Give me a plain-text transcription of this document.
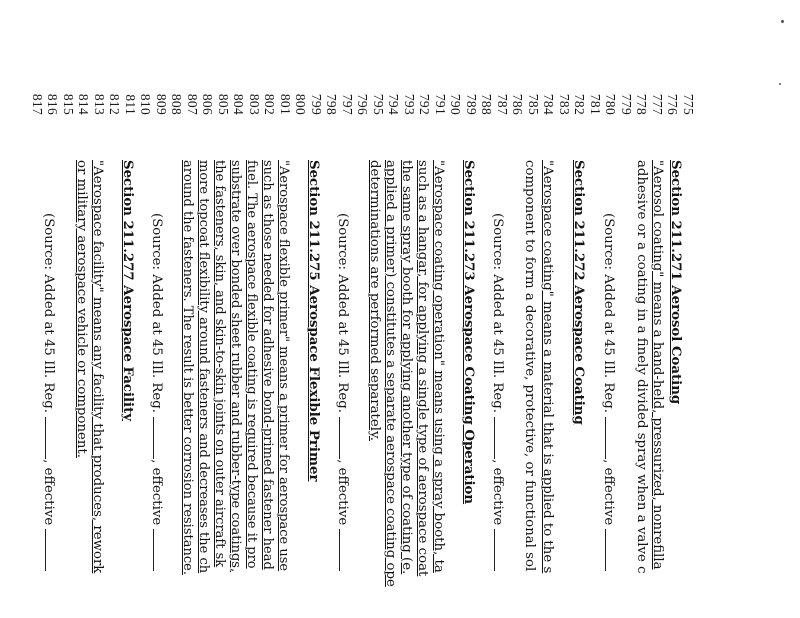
775
776
777
778
779
780
781
782
783
784
785
786
787
788
789
790
791
792
793
794
795
796
797
798
799
800
801
802
803
804
805
806
807
808
809
810
811
812
813
814
815
816
817
Section 211.271 Aerosol Coating
"Aerosol coating" means a hand-held, pressurized, nonrefilla
adhesive or a coating in a finely divided spray when a valve c
(Source: Added at 45 Ill. Reg. , effective
Section 211.272 Aerospace Coating
"Aerospace coating" means a material that is applied to the s
component to form a decorative, protective, or functional sol
(Source: Added at 45 Ill. Reg. , effective
Section 211.273 Aerospace Coating Operation
"Aerospace coating operation" means using a spray booth, ta
such as a hangar, for applying a single type of aerospace coat
the same spray booth for applying another type of coating (e.
applied a primer) constitutes a separate aerospace coating ope
determinations are performed separately.
(Source: Added at 45 Ill. Reg. , effective
Section 211.275 Aerospace Flexible Primer
"Aerospace flexible primer" means a primer for aerospace use
such as those needed for adhesive bond-primed fastener head
fuel. The aerospace flexible coating is required because it pro
substrate over bonded sheet rubber and rubber-type coatings,
the fasteners, skin, and skin-to-skin joints on outer aircraft sk
more topcoat flexibility around fasteners and decreases the ch
around the fasteners. The result is better corrosion resistance.
(Source: Added at 45 Ill. Reg. , effective
Section 211.277 Aerospace Facility
"Aerospace facility" means any facility that produces, rework
or military aerospace vehicle or component.
(Source: Added at 45 Ill. Reg. , effective
